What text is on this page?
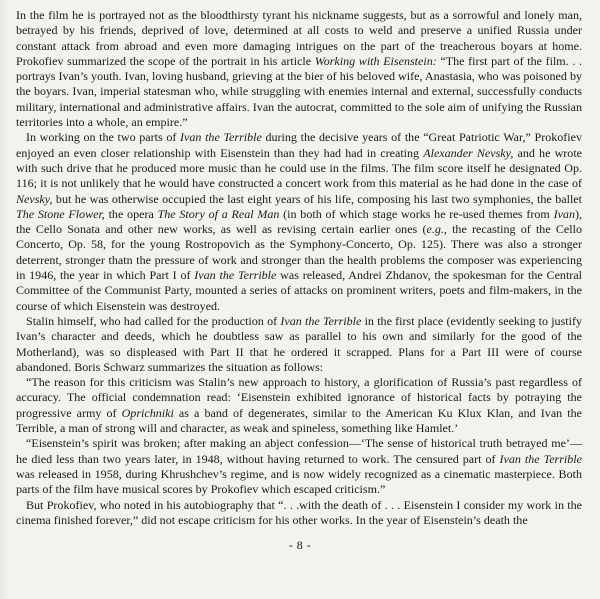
In the film he is portrayed not as the bloodthirsty tyrant his nickname suggests, but as a sorrowful and lonely man, betrayed by his friends, deprived of love, determined at all costs to weld and preserve a unified Russia under constant attack from abroad and even more damaging intrigues on the part of the treacherous boyars at home. Prokofiev summarized the scope of the portrait in his article Working with Eisenstein: “The first part of the film. . . portrays Ivan’s youth. Ivan, loving husband, grieving at the bier of his beloved wife, Anastasia, who was poisoned by the boyars. Ivan, imperial statesman who, while struggling with enemies internal and external, successfully conducts military, international and administrative affairs. Ivan the autocrat, committed to the sole aim of unifying the Russian territories into a whole, an empire.”

In working on the two parts of Ivan the Terrible during the decisive years of the “Great Patriotic War,” Prokofiev enjoyed an even closer relationship with Eisenstein than they had had in creating Alexander Nevsky, and he wrote with such drive that he produced more music than he could use in the films. The film score itself he designated Op. 116; it is not unlikely that he would have constructed a concert work from this material as he had done in the case of Nevsky, but he was otherwise occupied the last eight years of his life, composing his last two symphonies, the ballet The Stone Flower, the opera The Story of a Real Man (in both of which stage works he re-used themes from Ivan), the Cello Sonata and other new works, as well as revising certain earlier ones (e.g., the recasting of the Cello Concerto, Op. 58, for the young Rostropovich as the Symphony-Concerto, Op. 125). There was also a stronger deterrent, stronger thatn the pressure of work and stronger than the health problems the composer was experiencing in 1946, the year in which Part I of Ivan the Terrible was released, Andrei Zhdanov, the spokesman for the Central Committee of the Communist Party, mounted a series of attacks on prominent writers, poets and film-makers, in the course of which Eisenstein was destroyed.

Stalin himself, who had called for the production of Ivan the Terrible in the first place (evidently seeking to justify Ivan’s character and deeds, which he doubtless saw as parallel to his own and similarly for the good of the Motherland), was so displeased with Part II that he ordered it scrapped. Plans for a Part III were of course abandoned. Boris Schwarz summarizes the situation as follows:

“The reason for this criticism was Stalin’s new approach to history, a glorification of Russia’s past regardless of accuracy. The official condemnation read: ‘Eisenstein exhibited ignorance of historical facts by potraying the progressive army of Oprichniki as a band of degenerates, similar to the American Ku Klux Klan, and Ivan the Terrible, a man of strong will and character, as weak and spineless, something like Hamlet.’

“Eisenstein’s spirit was broken; after making an abject confession—‘The sense of historical truth betrayed me’— he died less than two years later, in 1948, without having returned to work. The censured part of Ivan the Terrible was released in 1958, during Khrushchev’s regime, and is now widely recognized as a cinematic masterpiece. Both parts of the film have musical scores by Prokofiev which escaped criticism.”

But Prokofiev, who noted in his autobiography that “. . .with the death of . . . Eisenstein I consider my work in the cinema finished forever,” did not escape criticism for his other works. In the year of Eisenstein’s death the

- 8 -
